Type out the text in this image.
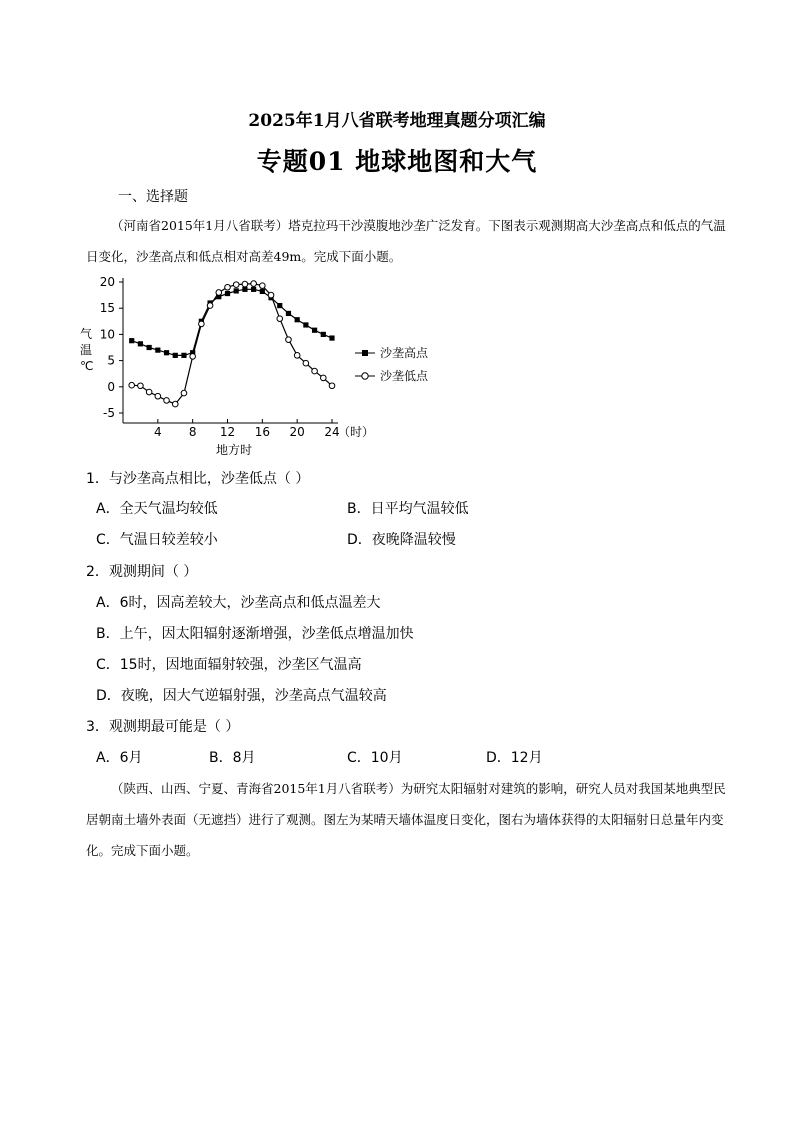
2025年1月八省联考地理真题分项汇编
专题01 地球地图和大气
一、选择题
（河南省2015年1月八省联考）塔克拉玛干沙漠腹地沙垄广泛发育。下图表示观测期高大沙垄高点和低点的气温日变化，沙垄高点和低点相对高差49m。完成下面小题。
20
15
10
5
0
-5
4 8 12 16 20 24
气
温
℃
（时）
地方时
沙垄高点
沙垄低点
1．与沙垄高点相比，沙垄低点（ ）
A．全天气温均较低	B．日平均气温较低
C．气温日较差较小	D．夜晚降温较慢
2．观测期间（ ）
A．6时，因高差较大，沙垄高点和低点温差大
B．上午，因太阳辐射逐渐增强，沙垄低点增温加快
C．15时，因地面辐射较强，沙垄区气温高
D．夜晚，因大气逆辐射强，沙垄高点气温较高
3．观测期最可能是（ ）
A．6月	B．8月	C．10月	D．12月
（陕西、山西、宁夏、青海省2015年1月八省联考）为研究太阳辐射对建筑的影响，研究人员对我国某地典型民居朝南土墙外表面（无遮挡）进行了观测。图左为某晴天墙体温度日变化，图右为墙体获得的太阳辐射日总量年内变化。完成下面小题。
